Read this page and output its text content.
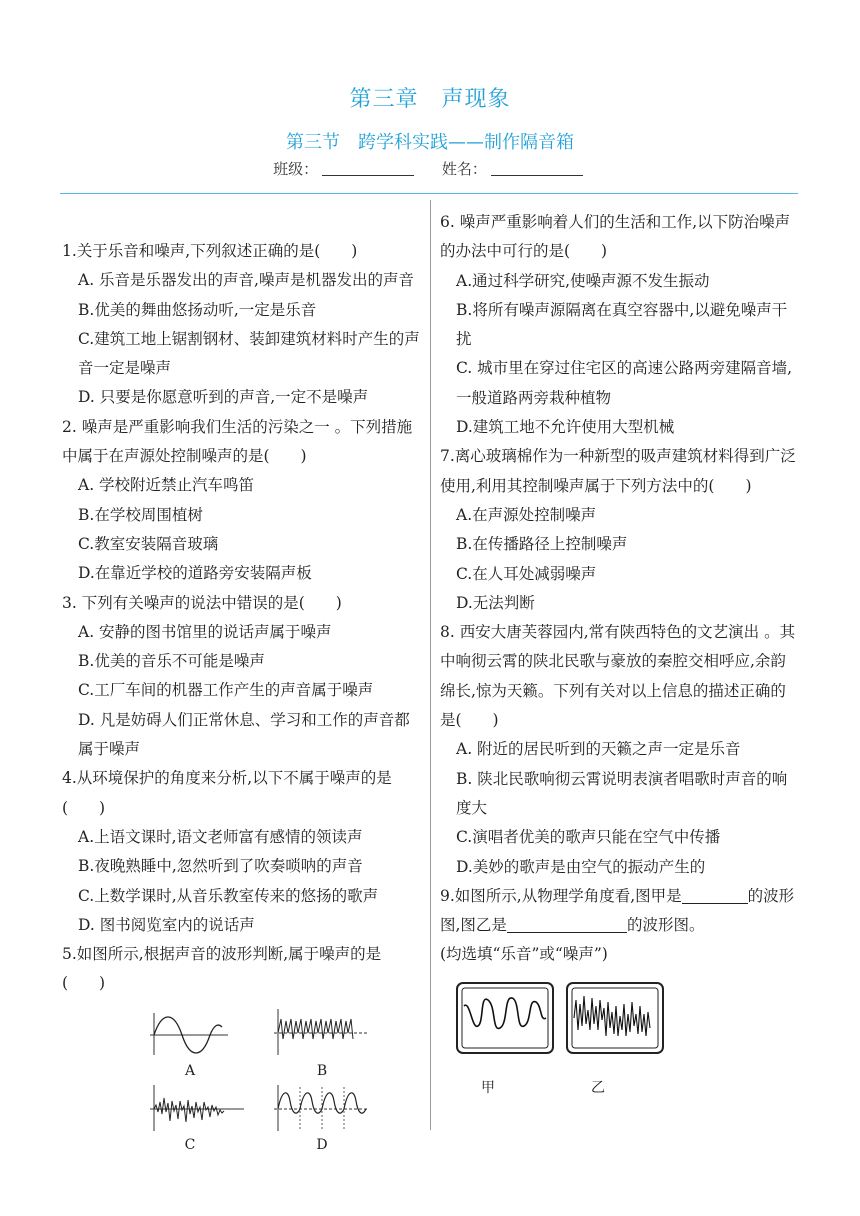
第三章　声现象
第三节　跨学科实践——制作隔音箱
班级：	姓名：
1.关于乐音和噪声,下列叙述正确的是(　　)
A. 乐音是乐器发出的声音,噪声是机器发出的声音
B.优美的舞曲悠扬动听,一定是乐音
C.建筑工地上锯割钢材、装卸建筑材料时产生的声音一定是噪声
D. 只要是你愿意听到的声音,一定不是噪声
2. 噪声是严重影响我们生活的污染之一 。下列措施中属于在声源处控制噪声的是(　　)
A. 学校附近禁止汽车鸣笛
B.在学校周围植树
C.教室安装隔音玻璃
D.在靠近学校的道路旁安装隔声板
3. 下列有关噪声的说法中错误的是(　　)
A. 安静的图书馆里的说话声属于噪声
B.优美的音乐不可能是噪声
C.工厂车间的机器工作产生的声音属于噪声
D. 凡是妨碍人们正常休息、学习和工作的声音都属于噪声
4.从环境保护的角度来分析,以下不属于噪声的是(　　)
A.上语文课时,语文老师富有感情的领读声
B.夜晚熟睡中,忽然听到了吹奏唢呐的声音
C.上数学课时,从音乐教室传来的悠扬的歌声
D. 图书阅览室内的说话声
5.如图所示,根据声音的波形判断,属于噪声的是(　　)
A	B
C	D
6. 噪声严重影响着人们的生活和工作,以下防治噪声的办法中可行的是(　　)
A.通过科学研究,使噪声源不发生振动
B.将所有噪声源隔离在真空容器中,以避免噪声干扰
C. 城市里在穿过住宅区的高速公路两旁建隔音墙,一般道路两旁栽种植物
D.建筑工地不允许使用大型机械
7.离心玻璃棉作为一种新型的吸声建筑材料得到广泛使用,利用其控制噪声属于下列方法中的(　　)
A.在声源处控制噪声
B.在传播路径上控制噪声
C.在人耳处减弱噪声
D.无法判断
8. 西安大唐芙蓉园内,常有陕西特色的文艺演出 。其中响彻云霄的陕北民歌与豪放的秦腔交相呼应,余韵绵长,惊为天籁。下列有关对以上信息的描述正确的是(　　)
A. 附近的居民听到的天籁之声一定是乐音
B. 陕北民歌响彻云霄说明表演者唱歌时声音的响度大
C.演唱者优美的歌声只能在空气中传播
D.美妙的歌声是由空气的振动产生的
9.如图所示,从物理学角度看,图甲是	的波形图,图乙是	的波形图。
(均选填“乐音”或“噪声”)
甲	乙
